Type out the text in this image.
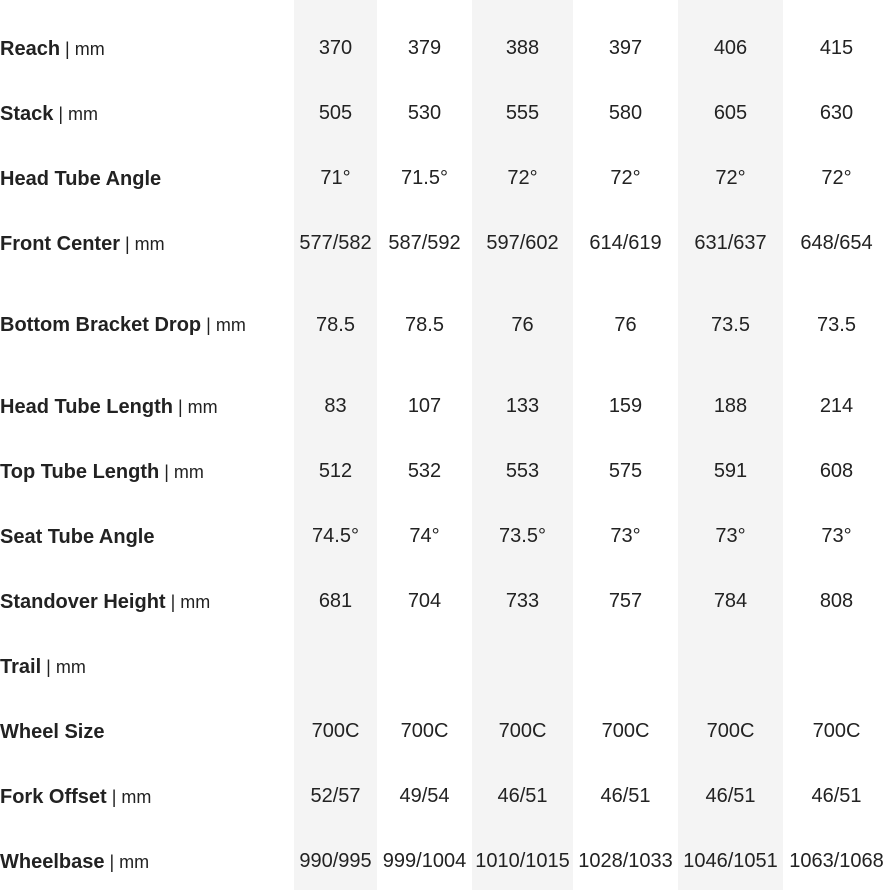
Reach | mm	370	379	388	397	406	415
Stack | mm	505	530	555	580	605	630
Head Tube Angle	71°	71.5°	72°	72°	72°	72°
Front Center | mm	577/582	587/592	597/602	614/619	631/637	648/654
Bottom Bracket Drop | mm	78.5	78.5	76	76	73.5	73.5
Head Tube Length | mm	83	107	133	159	188	214
Top Tube Length | mm	512	532	553	575	591	608
Seat Tube Angle	74.5°	74°	73.5°	73°	73°	73°
Standover Height | mm	681	704	733	757	784	808
Trail | mm						
Wheel Size	700C	700C	700C	700C	700C	700C
Fork Offset | mm	52/57	49/54	46/51	46/51	46/51	46/51
Wheelbase | mm	990/995	999/1004	1010/1015	1028/1033	1046/1051	1063/1068
